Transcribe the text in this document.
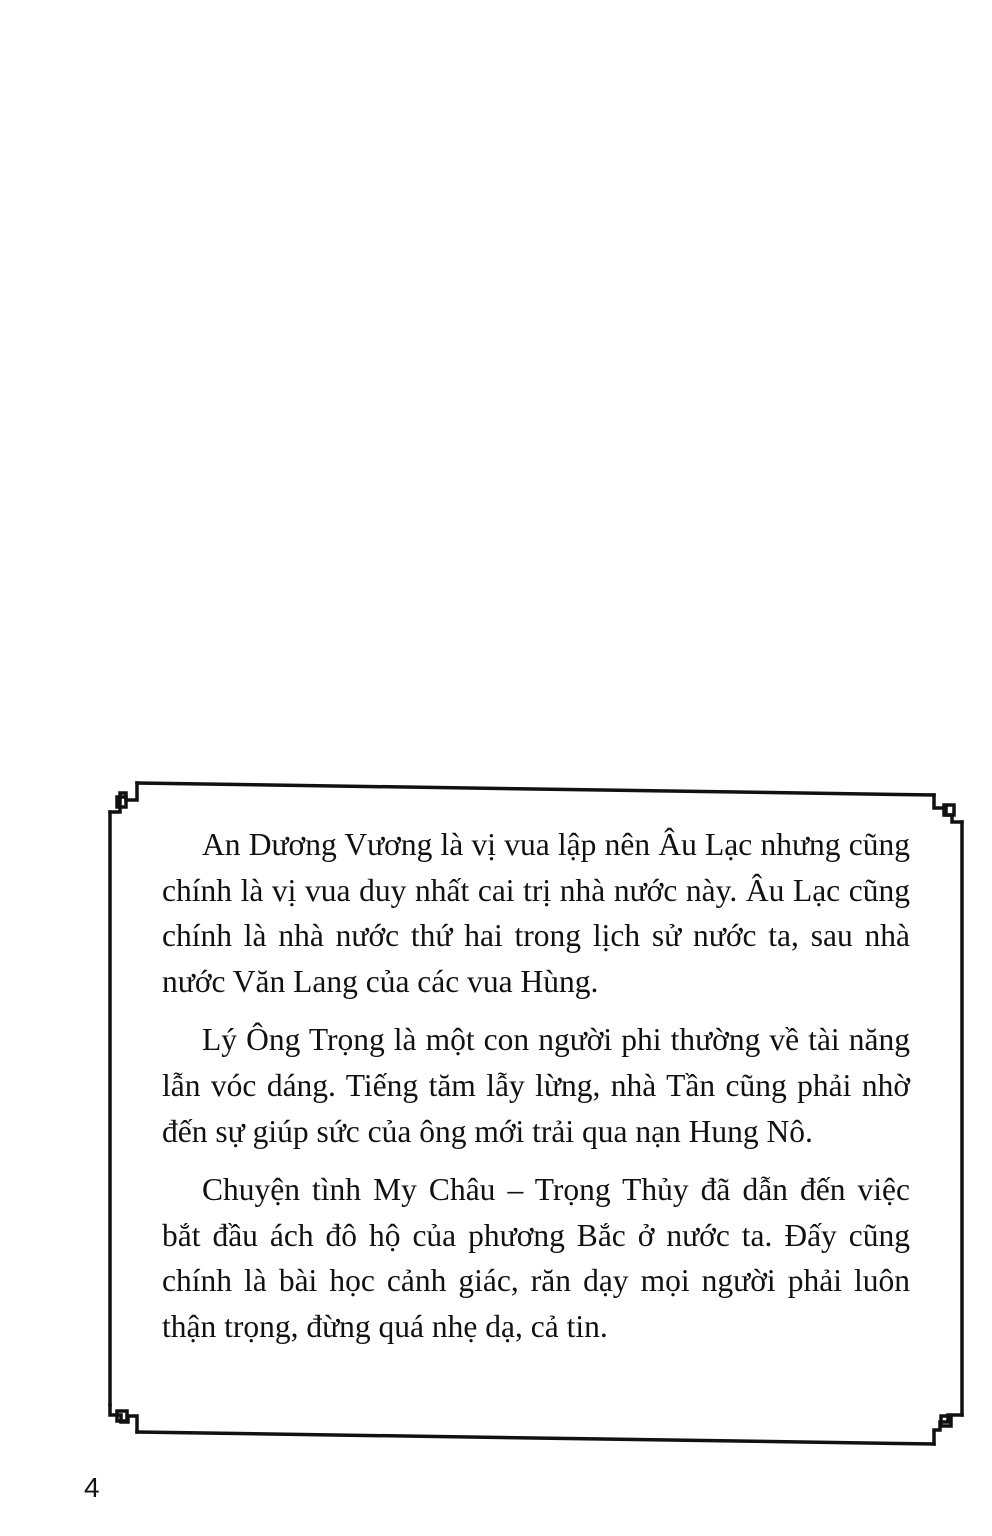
An Dương Vương là vị vua lập nên Âu Lạc nhưng cũng chính là vị vua duy nhất cai trị nhà nước này. Âu Lạc cũng chính là nhà nước thứ hai trong lịch sử nước ta, sau nhà nước Văn Lang của các vua Hùng.

Lý Ông Trọng là một con người phi thường về tài năng lẫn vóc dáng. Tiếng tăm lẫy lừng, nhà Tần cũng phải nhờ đến sự giúp sức của ông mới trải qua nạn Hung Nô.

Chuyện tình My Châu – Trọng Thủy đã dẫn đến việc bắt đầu ách đô hộ của phương Bắc ở nước ta. Đấy cũng chính là bài học cảnh giác, răn dạy mọi người phải luôn thận trọng, đừng quá nhẹ dạ, cả tin.

4
